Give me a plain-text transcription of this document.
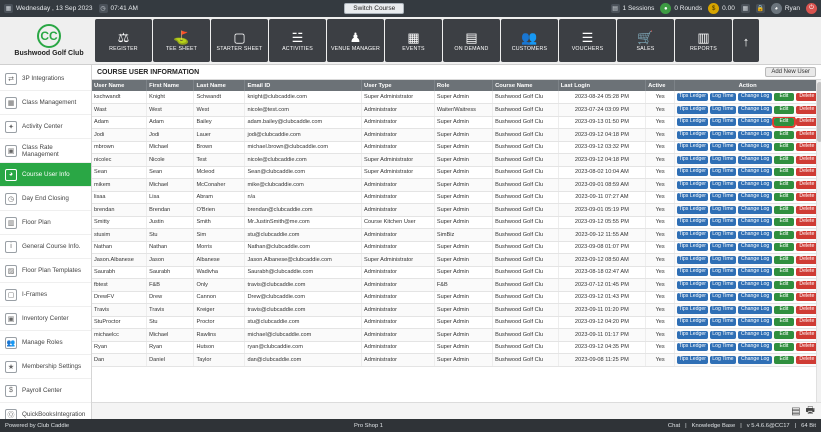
▦ Wednesday , 13 Sep 2023	◷ 07:41 AM	Switch Course	▤ 1 Sessions	●	0 Rounds	$	0.00 ▦ 🔒	◕	Ryan	⏻
CC
Bushwood Golf Club
⚖
REGISTER
⛳
TEE SHEET
▢
STARTER SHEET
☱
ACTIVITIES
♟
VENUE MANAGER
▦
EVENTS
▤
ON DEMAND
👥
CUSTOMERS
☰
VOUCHERS
🛒
SALES
▥
REPORTS ↑
⇄	3P Integrations
▦	Class Management
✦	Activity Center
▣
Class Rate Management
◕	Course User Info
◷	Day End Closing
▥	Floor Plan
i	General Course Info.
▨	Floor Plan Templates
▢	I-Frames
▣	Inventory Center
👥 Manage Roles
★	Membership Settings
$	Payroll Center
Ⓠ	QuickBooksIntegration
COURSE USER INFORMATION	Add New User
User Name	First Name	Last Name	Email ID	User Type	Role	Course Name	Last Login	Active	Action
kschwandt	Knight	Schwandt	knight@clubcaddie.com	Super Administrator	Super Admin	Bushwood Golf Clu	2023-08-24 05:28 PM	Yes	Tips Ledger Log Time Change Log Edit Delete

Wast	West	West	nicole@test.com	Administrator	Waiter/Waitress	Bushwood Golf Clu	2023-07-24 03:09 PM	Yes	Tips Ledger Log Time Change Log Edit Delete

Adam	Adam	Bailey	adam.bailey@clubcaddie.com	Administrator	Super Admin	Bushwood Golf Clu	2023-09-13 01:50 PM	Yes	Tips Ledger Log Time Change Log Edit Delete

Jodi	Jodi	Lauer	jodi@clubcaddie.com	Administrator	Super Admin	Bushwood Golf Clu	2023-09-12 04:18 PM	Yes	Tips Ledger Log Time Change Log Edit Delete

mbrown	Michael	Brown	michael.brown@clubcaddie.com	Administrator	Super Admin	Bushwood Golf Clu	2023-09-12 03:32 PM	Yes	Tips Ledger Log Time Change Log Edit Delete

nicolec	Nicole	Test	nicole@clubcaddie.com	Super Administrator	Super Admin	Bushwood Golf Clu	2023-09-12 04:18 PM	Yes	Tips Ledger Log Time Change Log Edit Delete

Sean	Sean	Mcleod	Sean@clubcaddie.com	Super Administrator	Super Admin	Bushwood Golf Clu	2023-08-02 10:04 AM	Yes	Tips Ledger Log Time Change Log Edit Delete

mikem	Michael	McConaher	mike@clubcaddie.com	Administrator	Super Admin	Bushwood Golf Clu	2023-09-01 08:59 AM	Yes	Tips Ledger Log Time Change Log Edit Delete

lisaa	Lisa	Abram	n/a	Administrator	Super Admin	Bushwood Golf Clu	2023-09-11 07:27 AM	Yes	Tips Ledger Log Time Change Log Edit Delete

brendan	Brendan	O'Brien	brendan@clubcaddie.com	Administrator	Super Admin	Bushwood Golf Clu	2023-09-01 05:19 PM	Yes	Tips Ledger Log Time Change Log Edit Delete

Smitty	Justin	Smith	Mr.JustinSmith@me.com	Course Kitchen User	Super Admin	Bushwood Golf Clu	2023-09-12 05:55 PM	Yes	Tips Ledger Log Time Change Log Edit Delete

stusim	Stu	Sim	stu@clubcaddie.com	Administrator	SimBiz	Bushwood Golf Clu	2023-09-12 11:55 AM	Yes	Tips Ledger Log Time Change Log Edit Delete

Nathan	Nathan	Morris	Nathan@clubcaddie.com	Administrator	Super Admin	Bushwood Golf Clu	2023-09-08 01:07 PM	Yes	Tips Ledger Log Time Change Log Edit Delete

Jason.Albanese	Jason	Albanese	Jason.Albanese@clubcaddie.com	Super Administrator	Super Admin	Bushwood Golf Clu	2023-09-12 08:50 AM	Yes	Tips Ledger Log Time Change Log Edit Delete

Saurabh	Saurabh	Wadivha	Saurabh@clubcaddie.com	Administrator	Super Admin	Bushwood Golf Clu	2023-08-18 02:47 AM	Yes	Tips Ledger Log Time Change Log Edit Delete

fbtest	F&B	Only	travis@clubcaddie.com	Administrator	F&B	Bushwood Golf Clu	2023-07-12 01:45 PM	Yes	Tips Ledger Log Time Change Log Edit Delete

DrewFV	Drew	Cannon	Drew@clubcaddie.com	Administrator	Super Admin	Bushwood Golf Clu	2023-09-12 01:43 PM	Yes	Tips Ledger Log Time Change Log Edit Delete

Travis	Travis	Kreiger	travis@clubcaddie.com	Administrator	Super Admin	Bushwood Golf Clu	2023-09-11 01:20 PM	Yes	Tips Ledger Log Time Change Log Edit Delete

StuProctor	Stu	Proctor	stu@clubcaddie.com	Administrator	Super Admin	Bushwood Golf Clu	2023-09-12 04:20 PM	Yes	Tips Ledger Log Time Change Log Edit Delete

michaelcc	Michael	Rawlins	michael@clubcaddie.com	Administrator	Super Admin	Bushwood Golf Clu	2023-09-11 01:17 PM	Yes	Tips Ledger Log Time Change Log Edit Delete

Ryan	Ryan	Hutson	ryan@clubcaddie.com	Administrator	Super Admin	Bushwood Golf Clu	2023-09-12 04:35 PM	Yes	Tips Ledger Log Time Change Log Edit Delete

Dan	Daniel	Taylor	dan@clubcaddie.com	Administrator	Super Admin	Bushwood Golf Clu	2023-09-08 11:25 PM	Yes	Tips Ledger Log Time Change Log Edit Delete
▤ 🖶
Powered by Club Caddie	Pro Shop 1	Chat | Knowledge Base | v 5.4.6.6@CC17 | 64 Bit
